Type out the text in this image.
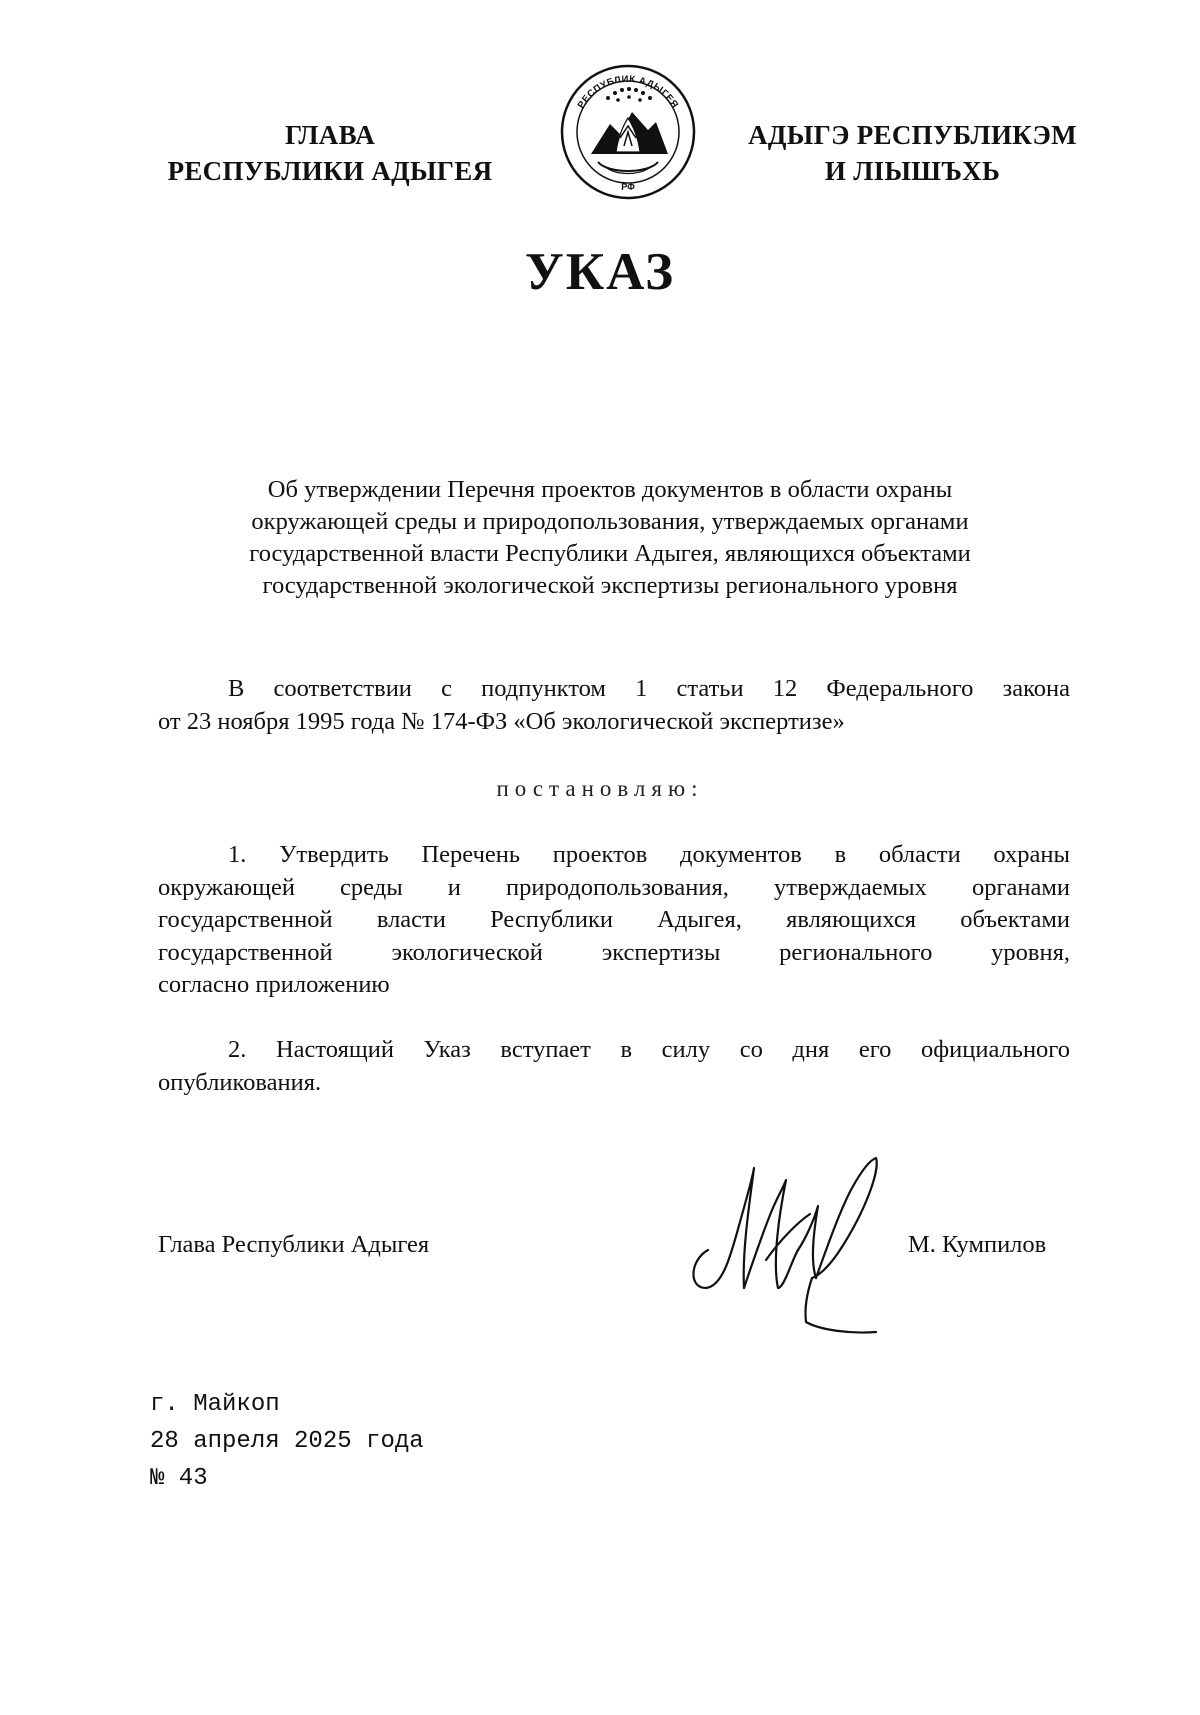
ГЛАВА
РЕСПУБЛИКИ АДЫГЕЯ
РЕСПУБЛИК АДЫГЕЯ
РФ
АДЫГЭ РЕСПУБЛИКЭМ
И ЛІЫШЪХЬ
УКАЗ
Об утверждении Перечня проектов документов в области охраны
окружающей среды и природопользования, утверждаемых органами
государственной власти Республики Адыгея, являющихся объектами
государственной экологической экспертизы регионального уровня
В соответствии с подпунктом 1 статьи 12 Федерального закона
от 23 ноября 1995 года № 174-ФЗ «Об экологической экспертизе»
постановляю:
1. Утвердить Перечень проектов документов в области охраны
окружающей среды и природопользования, утверждаемых органами
государственной власти Республики Адыгея, являющихся объектами
государственной экологической экспертизы регионального уровня,
согласно приложению
2. Настоящий Указ вступает в силу со дня его официального
опубликования.
Глава Республики Адыгея	М. Кумпилов
г. Майкоп
28 апреля 2025 года
№ 43
